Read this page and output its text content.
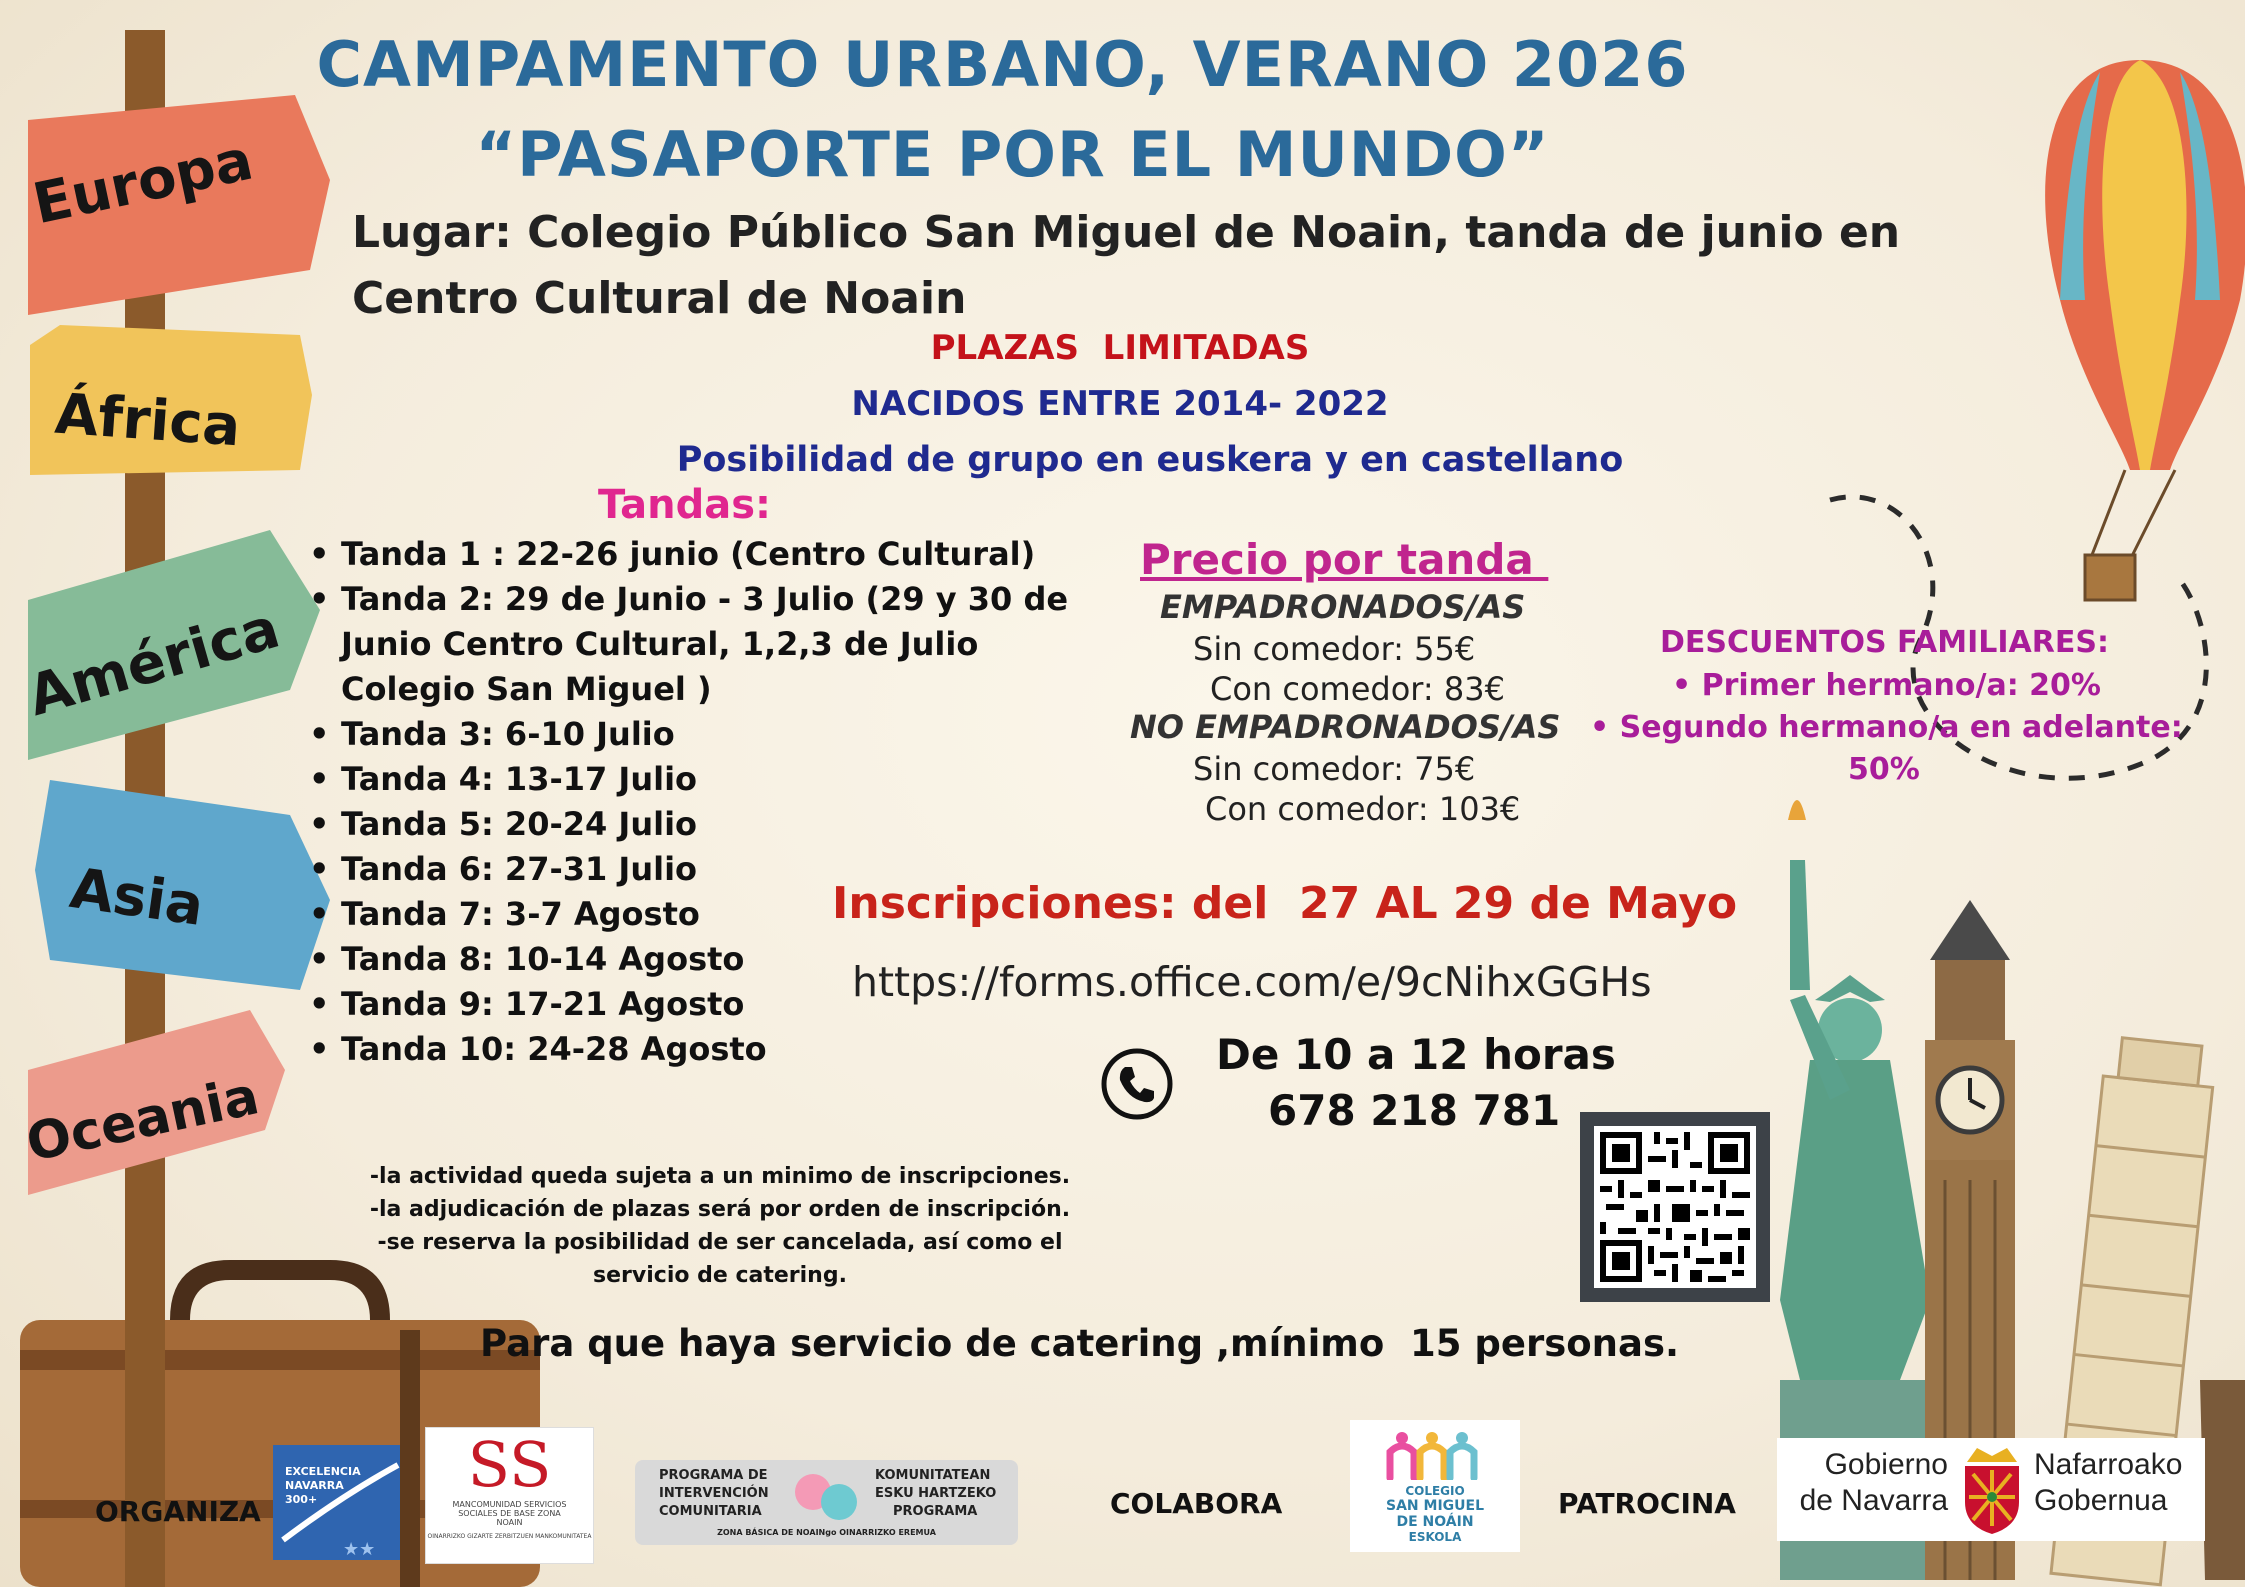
Europa
África
América
Asia
Oceania
CAMPAMENTO URBANO, VERANO 2026
“PASAPORTE POR EL MUNDO”
Lugar: Colegio Público San Miguel de Noain, tanda de junio en Centro Cultural de Noain
PLAZAS  LIMITADAS
NACIDOS ENTRE 2014- 2022
Posibilidad de grupo en euskera y en castellano
Tandas:
• Tanda 1 : 22-26 junio (Centro Cultural)
• Tanda 2: 29 de Junio - 3 Julio (29 y 30 de Junio Centro Cultural, 1,2,3 de Julio Colegio San Miguel )
• Tanda 3: 6-10 Julio
• Tanda 4: 13-17 Julio
• Tanda 5: 20-24 Julio
• Tanda 6: 27-31 Julio
• Tanda 7: 3-7 Agosto
• Tanda 8: 10-14 Agosto
• Tanda 9: 17-21 Agosto
• Tanda 10: 24-28 Agosto
Precio por tanda
EMPADRONADOS/AS
Sin comedor: 55€
Con comedor: 83€
NO EMPADRONADOS/AS
Sin comedor: 75€
Con comedor: 103€
DESCUENTOS FAMILIARES:
• Primer hermano/a: 20%
• Segundo hermano/a en adelante:
50%
Inscripciones: del  27 AL 29 de Mayo
https://forms.office.com/e/9cNihxGGHs
De 10 a 12 horas
678 218 781
-la actividad queda sujeta a un minimo de inscripciones.
-la adjudicación de plazas será por orden de inscripción.
-se reserva la posibilidad de ser cancelada, así como el
servicio de catering.
Para que haya servicio de catering ,mínimo  15 personas.
ORGANIZA
EXCELENCIA
NAVARRA
300+
★★
SS
MANCOMUNIDAD SERVICIOS
SOCIALES DE BASE ZONA
NOAIN
OINARRIZKO GIZARTE ZERBITZUEN MANKOMUNITATEA
PROGRAMA DE
INTERVENCIÓN
COMUNITARIA
KOMUNITATEAN
ESKU HARTZEKO
PROGRAMA
ZONA BÁSICA DE NOAINgo OINARRIZKO EREMUA
COLABORA	COLEGIO
SAN MIGUEL
DE NOÁIN
ESKOLA
PATROCINA
Gobierno
de Navarra
Nafarroako
Gobernua
